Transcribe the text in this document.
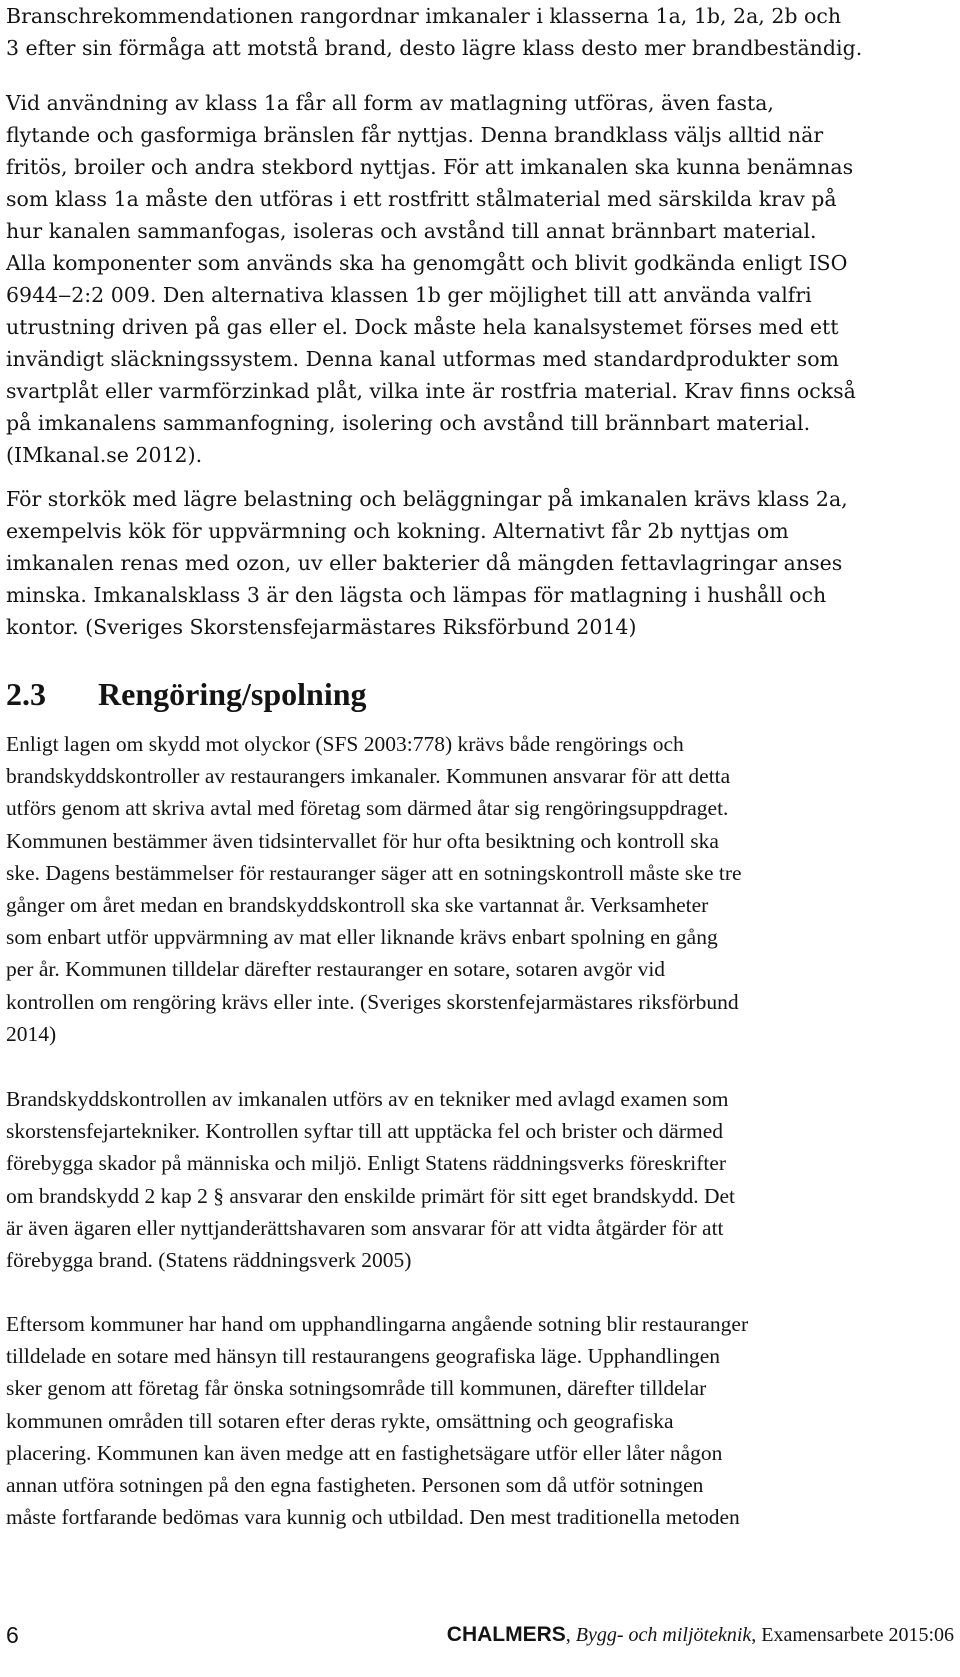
Branschrekommendationen rangordnar imkanaler i klasserna 1a, 1b, 2a, 2b och
3 efter sin förmåga att motstå brand, desto lägre klass desto mer brandbeständig.

Vid användning av klass 1a får all form av matlagning utföras, även fasta,
flytande och gasformiga bränslen får nyttjas. Denna brandklass väljs alltid när
fritös, broiler och andra stekbord nyttjas. För att imkanalen ska kunna benämnas
som klass 1a måste den utföras i ett rostfritt stålmaterial med särskilda krav på
hur kanalen sammanfogas, isoleras och avstånd till annat brännbart material.
Alla komponenter som används ska ha genomgått och blivit godkända enligt ISO
6944‒2:2 009. Den alternativa klassen 1b ger möjlighet till att använda valfri
utrustning driven på gas eller el. Dock måste hela kanalsystemet förses med ett
invändigt släckningssystem. Denna kanal utformas med standardprodukter som
svartplåt eller varmförzinkad plåt, vilka inte är rostfria material. Krav finns också
på imkanalens sammanfogning, isolering och avstånd till brännbart material.
(IMkanal.se 2012).

För storkök med lägre belastning och beläggningar på imkanalen krävs klass 2a,
exempelvis kök för uppvärmning och kokning. Alternativt får 2b nyttjas om
imkanalen renas med ozon, uv eller bakterier då mängden fettavlagringar anses
minska. Imkanalsklass 3 är den lägsta och lämpas för matlagning i hushåll och
kontor. (Sveriges Skorstensfejarmästares Riksförbund 2014)

2.3 Rengöring/spolning

Enligt lagen om skydd mot olyckor (SFS 2003:778) krävs både rengörings och
brandskyddskontroller av restaurangers imkanaler. Kommunen ansvarar för att detta
utförs genom att skriva avtal med företag som därmed åtar sig rengöringsuppdraget.
Kommunen bestämmer även tidsintervallet för hur ofta besiktning och kontroll ska
ske. Dagens bestämmelser för restauranger säger att en sotningskontroll måste ske tre
gånger om året medan en brandskyddskontroll ska ske vartannat år. Verksamheter
som enbart utför uppvärmning av mat eller liknande krävs enbart spolning en gång
per år. Kommunen tilldelar därefter restauranger en sotare, sotaren avgör vid
kontrollen om rengöring krävs eller inte. (Sveriges skorstenfejarmästares riksförbund
2014)

Brandskyddskontrollen av imkanalen utförs av en tekniker med avlagd examen som
skorstensfejartekniker. Kontrollen syftar till att upptäcka fel och brister och därmed
förebygga skador på människa och miljö. Enligt Statens räddningsverks föreskrifter
om brandskydd 2 kap 2 § ansvarar den enskilde primärt för sitt eget brandskydd. Det
är även ägaren eller nyttjanderättshavaren som ansvarar för att vidta åtgärder för att
förebygga brand. (Statens räddningsverk 2005)

Eftersom kommuner har hand om upphandlingarna angående sotning blir restauranger
tilldelade en sotare med hänsyn till restaurangens geografiska läge. Upphandlingen
sker genom att företag får önska sotningsområde till kommunen, därefter tilldelar
kommunen områden till sotaren efter deras rykte, omsättning och geografiska
placering. Kommunen kan även medge att en fastighetsägare utför eller låter någon
annan utföra sotningen på den egna fastigheten. Personen som då utför sotningen
måste fortfarande bedömas vara kunnig och utbildad. Den mest traditionella metoden

6	CHALMERS, Bygg- och miljöteknik, Examensarbete 2015:06
